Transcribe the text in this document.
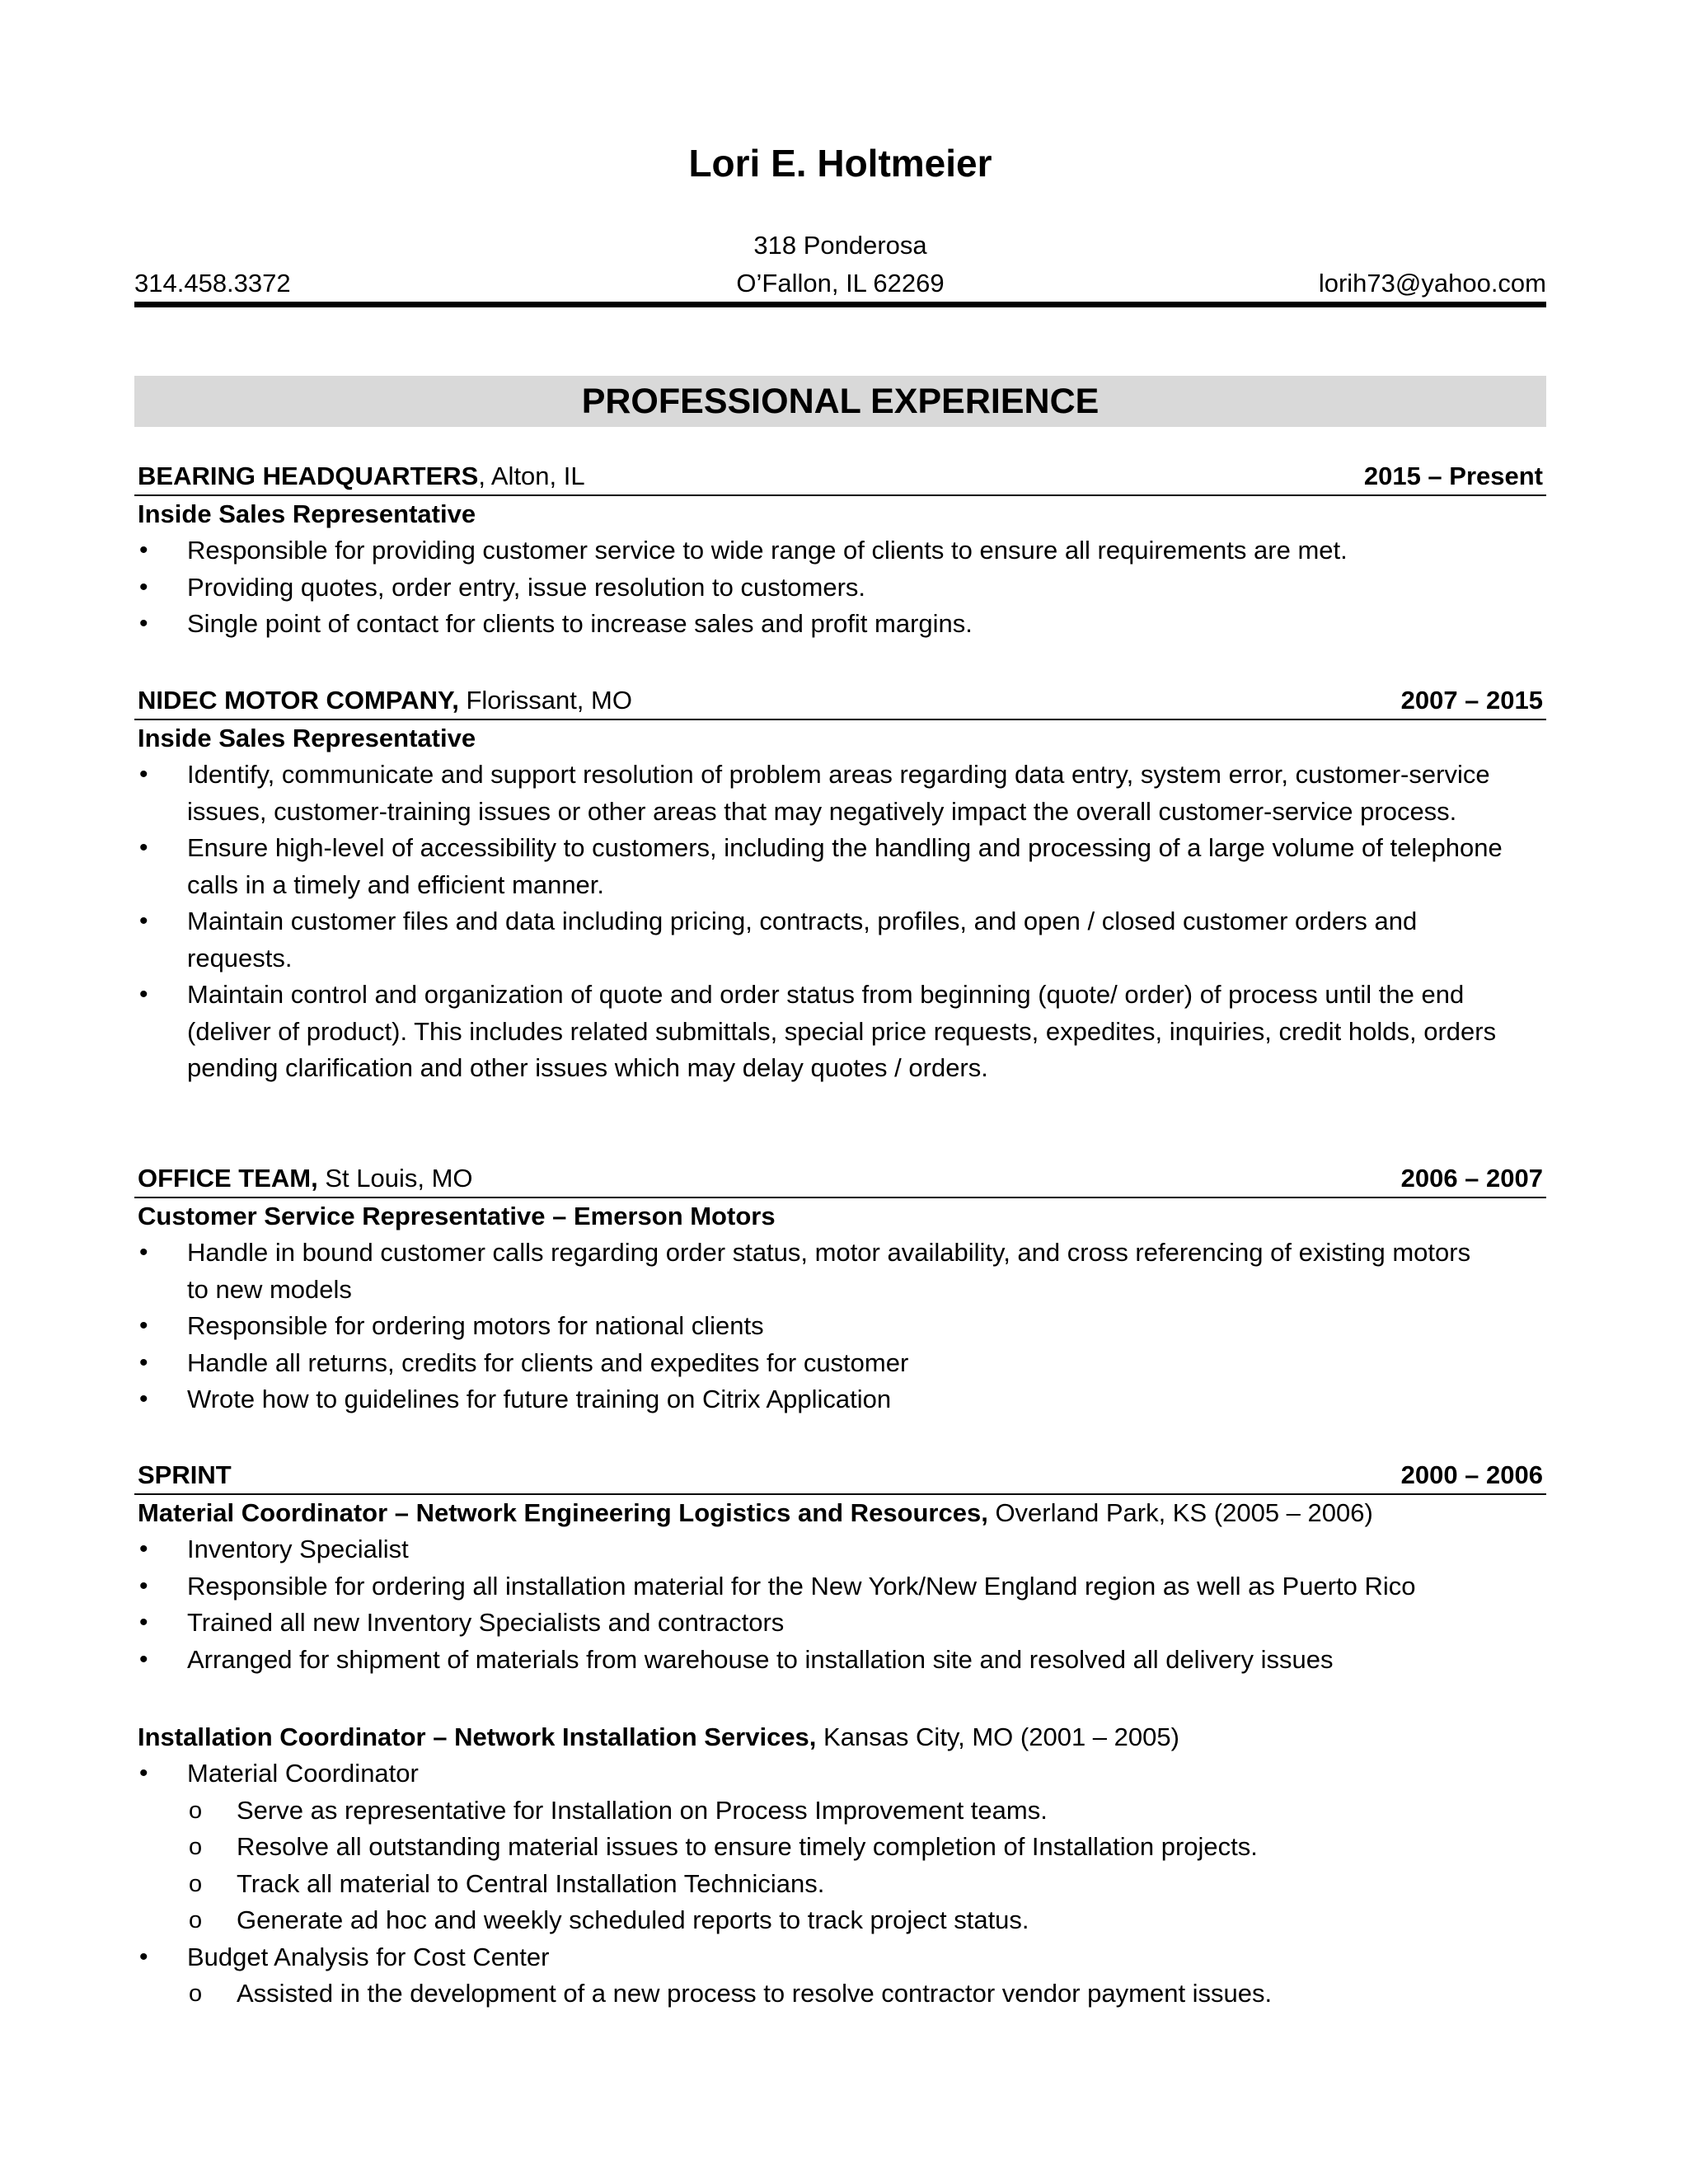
Lori E. Holtmeier
318 Ponderosa
314.458.3372	O’Fallon, IL 62269	lorih73@yahoo.com
PROFESSIONAL EXPERIENCE
BEARING HEADQUARTERS, Alton, IL	2015 – Present
Inside Sales Representative
• Responsible for providing customer service to wide range of clients to ensure all requirements are met.
• Providing quotes, order entry, issue resolution to customers.
• Single point of contact for clients to increase sales and profit margins.
NIDEC MOTOR COMPANY, Florissant, MO	2007 – 2015
Inside Sales Representative
• Identify, communicate and support resolution of problem areas regarding data entry, system error, customer-service issues, customer-training issues or other areas that may negatively impact the overall customer-service process.
• Ensure high-level of accessibility to customers, including the handling and processing of a large volume of telephone calls in a timely and efficient manner.
• Maintain customer files and data including pricing, contracts, profiles, and open / closed customer orders and requests.
• Maintain control and organization of quote and order status from beginning (quote/ order) of process until the end (deliver of product). This includes related submittals, special price requests, expedites, inquiries, credit holds, orders pending clarification and other issues which may delay quotes / orders.
OFFICE TEAM, St Louis, MO	2006 – 2007
Customer Service Representative – Emerson Motors
• Handle in bound customer calls regarding order status, motor availability, and cross referencing of existing motors to new models
• Responsible for ordering motors for national clients
• Handle all returns, credits for clients and expedites for customer
• Wrote how to guidelines for future training on Citrix Application
SPRINT	2000 – 2006
Material Coordinator – Network Engineering Logistics and Resources, Overland Park, KS (2005 – 2006)
• Inventory Specialist
• Responsible for ordering all installation material for the New York/New England region as well as Puerto Rico
• Trained all new Inventory Specialists and contractors
• Arranged for shipment of materials from warehouse to installation site and resolved all delivery issues
Installation Coordinator – Network Installation Services, Kansas City, MO (2001 – 2005)
• Material Coordinator
o Serve as representative for Installation on Process Improvement teams.
o Resolve all outstanding material issues to ensure timely completion of Installation projects.
o Track all material to Central Installation Technicians.
o Generate ad hoc and weekly scheduled reports to track project status.
• Budget Analysis for Cost Center
o Assisted in the development of a new process to resolve contractor vendor payment issues.
